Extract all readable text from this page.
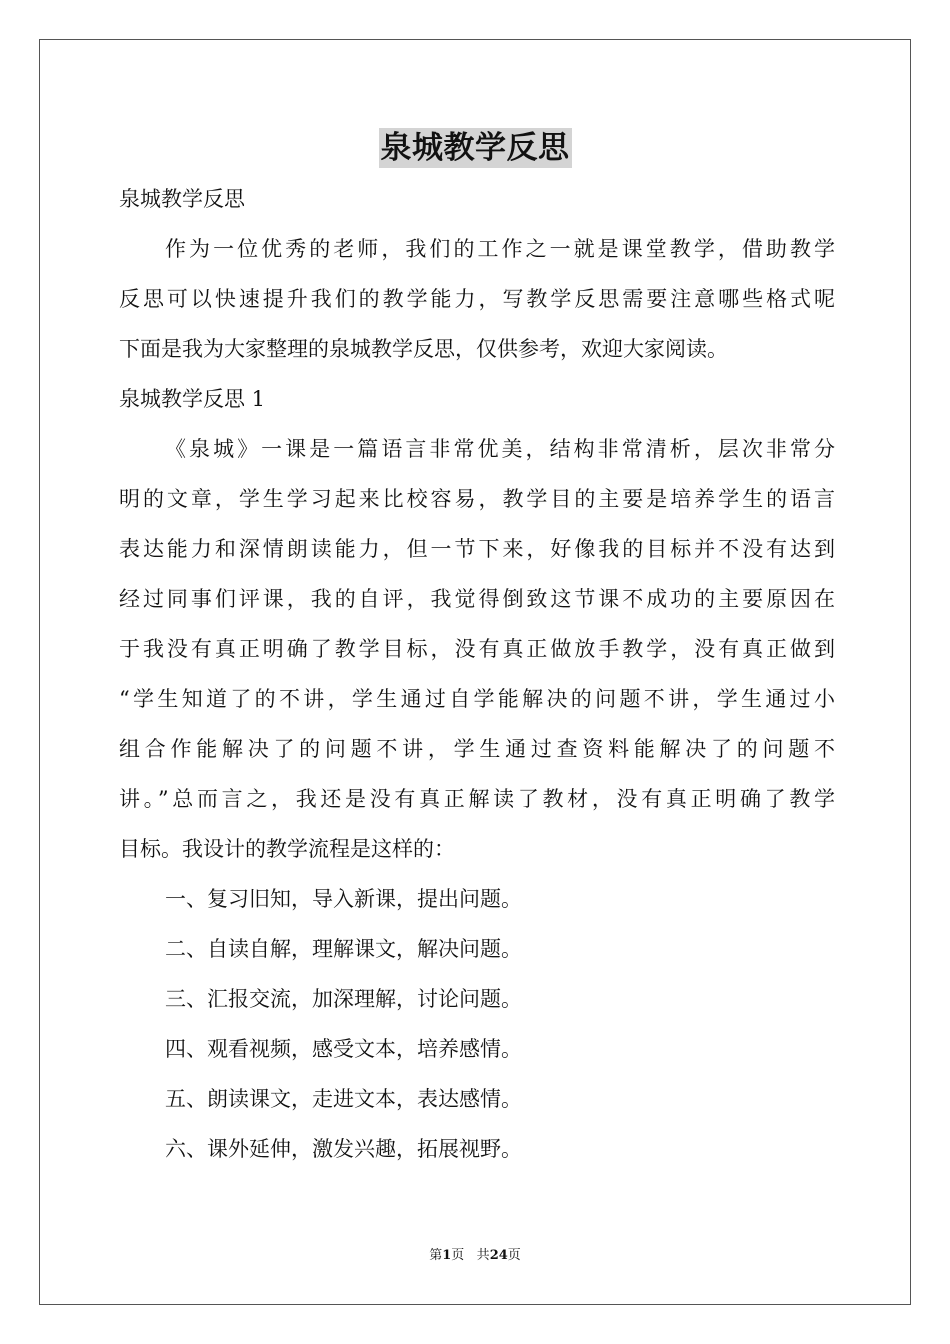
泉城教学反思
泉城教学反思
作为一位优秀的老师，我们的工作之一就是课堂教学，借助教学
反思可以快速提升我们的教学能力，写教学反思需要注意哪些格式呢
下面是我为大家整理的泉城教学反思，仅供参考，欢迎大家阅读。
泉城教学反思 1
《泉城》一课是一篇语言非常优美，结构非常清析，层次非常分
明的文章，学生学习起来比校容易，教学目的主要是培养学生的语言
表达能力和深情朗读能力，但一节下来，好像我的目标并不没有达到
经过同事们评课，我的自评，我觉得倒致这节课不成功的主要原因在
于我没有真正明确了教学目标，没有真正做放手教学，没有真正做到
“学生知道了的不讲，学生通过自学能解决的问题不讲，学生通过小
组合作能解决了的问题不讲，学生通过查资料能解决了的问题不
讲。”总而言之，我还是没有真正解读了教材，没有真正明确了教学
目标。我设计的教学流程是这样的：
一、复习旧知，导入新课，提出问题。
二、自读自解，理解课文，解决问题。
三、汇报交流，加深理解，讨论问题。
四、观看视频，感受文本，培养感情。
五、朗读课文，走进文本，表达感情。
六、课外延伸，激发兴趣，拓展视野。
第1页 共24页
